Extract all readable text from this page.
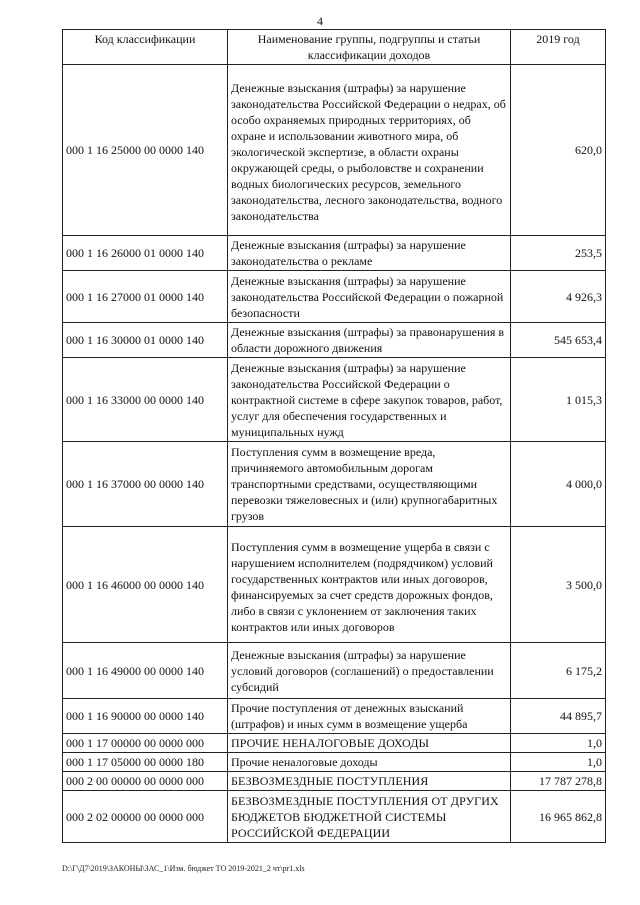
4
Код классификации	Наименование группы, подгруппы и статьи классификации доходов	2019 год
000 1 16 25000 00 0000 140	Денежные взыскания (штрафы) за нарушение законодательства Российской Федерации о недрах, об особо охраняемых природных территориях, об охране и использовании животного мира, об экологической экспертизе, в области охраны окружающей среды, о рыболовстве и сохранении водных биологических ресурсов, земельного законодательства, лесного законодательства, водного законодательства	620,0
000 1 16 26000 01 0000 140	Денежные взыскания (штрафы) за нарушение законодательства о рекламе	253,5
000 1 16 27000 01 0000 140	Денежные взыскания (штрафы) за нарушение законодательства Российской Федерации о пожарной безопасности	4 926,3
000 1 16 30000 01 0000 140	Денежные взыскания (штрафы) за правонарушения в области дорожного движения	545 653,4
000 1 16 33000 00 0000 140	Денежные взыскания (штрафы) за нарушение законодательства Российской Федерации о контрактной системе в сфере закупок товаров, работ, услуг для обеспечения государственных и муниципальных нужд	1 015,3
000 1 16 37000 00 0000 140	Поступления сумм в возмещение вреда, причиняемого автомобильным дорогам транспортными средствами, осуществляющими перевозки тяжеловесных и (или) крупногабаритных грузов	4 000,0
000 1 16 46000 00 0000 140	Поступления сумм в возмещение ущерба в связи с нарушением исполнителем (подрядчиком) условий государственных контрактов или иных договоров, финансируемых за счет средств дорожных фондов, либо в связи с уклонением от заключения таких контрактов или иных договоров	3 500,0
000 1 16 49000 00 0000 140	Денежные взыскания (штрафы) за нарушение условий договоров (соглашений) о предоставлении субсидий	6 175,2
000 1 16 90000 00 0000 140	Прочие поступления от денежных взысканий (штрафов) и иных сумм в возмещение ущерба	44 895,7
000 1 17 00000 00 0000 000	ПРОЧИЕ НЕНАЛОГОВЫЕ ДОХОДЫ	1,0
000 1 17 05000 00 0000 180	Прочие неналоговые доходы	1,0
000 2 00 00000 00 0000 000	БЕЗВОЗМЕЗДНЫЕ ПОСТУПЛЕНИЯ	17 787 278,8
000 2 02 00000 00 0000 000	БЕЗВОЗМЕЗДНЫЕ ПОСТУПЛЕНИЯ ОТ ДРУГИХ БЮДЖЕТОВ БЮДЖЕТНОЙ СИСТЕМЫ РОССИЙСКОЙ ФЕДЕРАЦИИ	16 965 862,8
D:\Г\Д7\2019\ЗАКОНЫ\ЗАС_1\Изм. бюджет ТО 2019-2021_2 чт\pr1.xls
